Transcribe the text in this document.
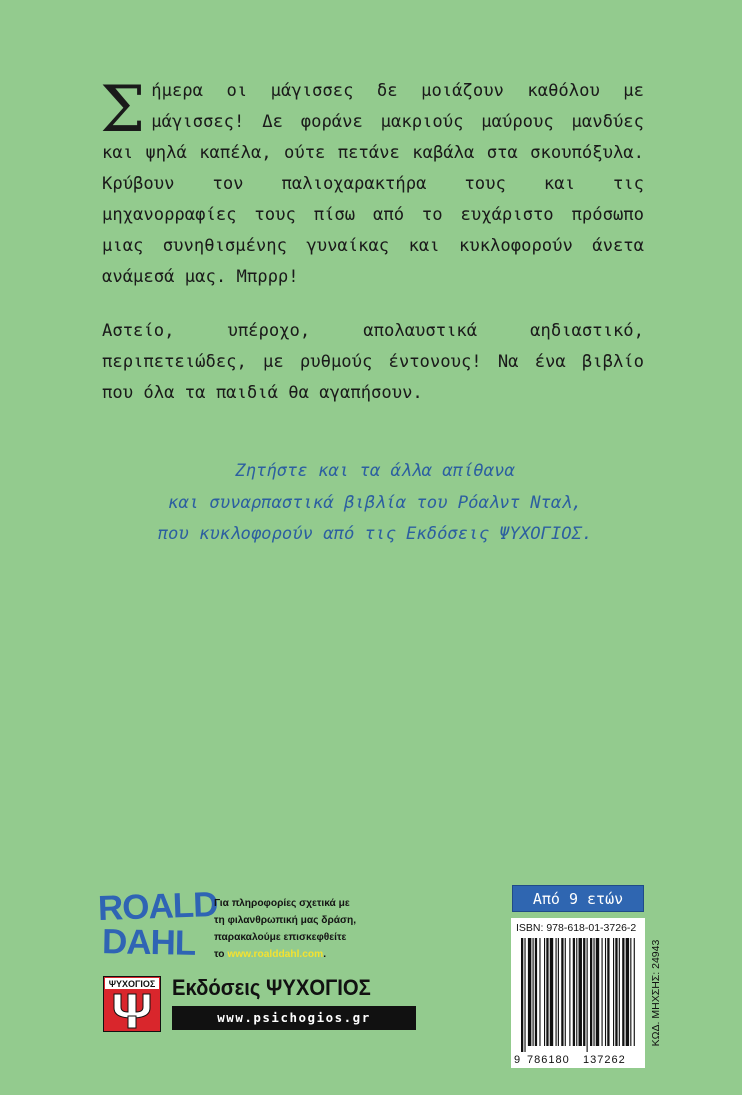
Σήμερα οι μάγισσες δε μοιάζουν καθόλου με μάγισσες! Δε φοράνε μακριούς μαύρους μανδύες και ψηλά καπέλα, ούτε πετάνε καβάλα στα σκουπόξυλα. Κρύβουν τον παλιοχαρακτήρα τους και τις μηχανορραφίες τους πίσω από το ευχάριστο πρόσωπο μιας συνηθισμένης γυναίκας και κυκλοφορούν άνετα ανάμεσά μας. Μπρρρ!

Αστείο, υπέροχο, απολαυστικά αηδιαστικό, περιπετειώδες, με ρυθμούς έντονους! Να ένα βιβλίο που όλα τα παιδιά θα αγαπήσουν.

Ζητήστε και τα άλλα απίθανα
και συναρπαστικά βιβλία του Ρόαλντ Νταλ,
που κυκλοφορούν από τις Εκδόσεις ΨΥΧΟΓΙΟΣ.
ROALD
DAHL
Για πληροφορίες σχετικά με
τη φιλανθρωπική μας δράση,
παρακαλούμε επισκεφθείτε
το www.roalddahl.com.
ΨΥΧΟΓΙΟΣ Εκδόσεις ΨΥΧΟΓΙΟΣ
www.psichogios.gr
Από 9 ετών
ISBN: 978-618-01-3726-2
9 786180 137262
ΚΩΔ. ΜΗΧΣΗΣ: 24943
